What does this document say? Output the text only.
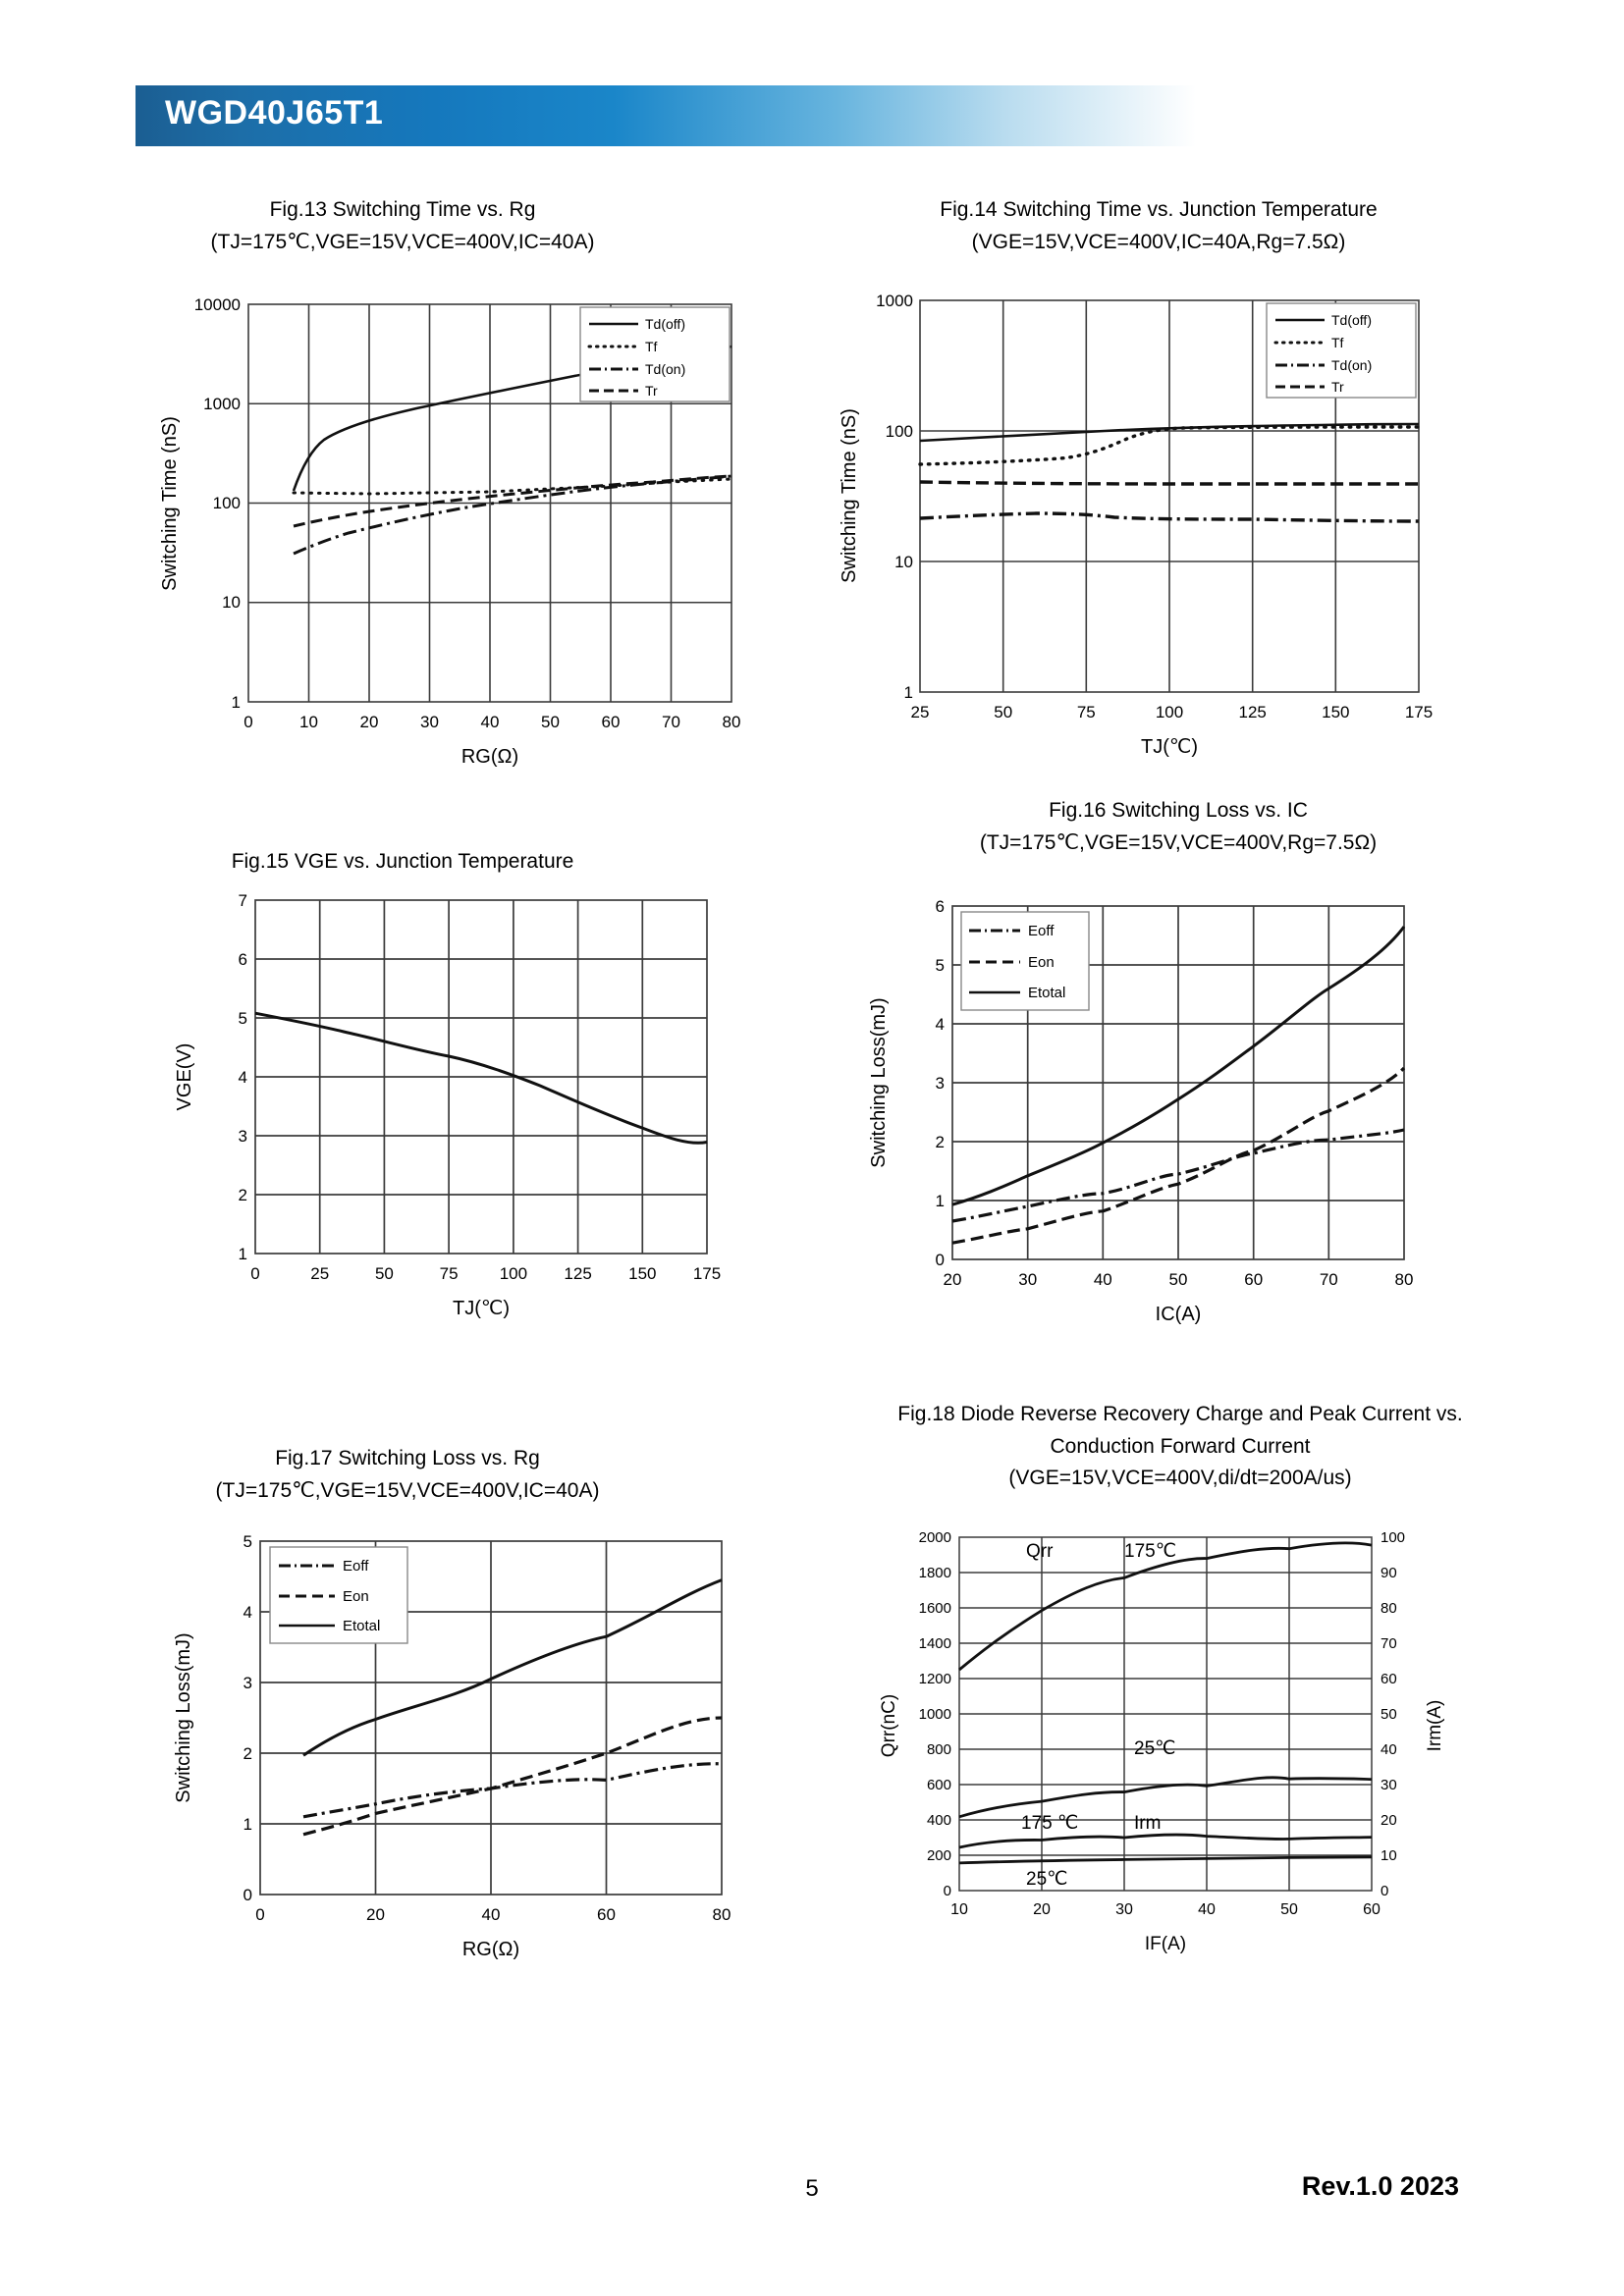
WGD40J65T1
Fig.13 Switching Time vs. Rg
(TJ=175℃,VGE=15V,VCE=400V,IC=40A)
10000
1000
100
10
1
0	10	20	30	40	50	60	70	80
RG(Ω)
Switching Time (nS)
Td(off)
Tf
Td(on)
Tr
Fig.14 Switching Time vs. Junction Temperature
(VGE=15V,VCE=400V,IC=40A,Rg=7.5Ω)
1000
100
10
1
25	50	75	100	125	150	175
TJ(℃)
Switching Time (nS)
Td(off)
Tf
Td(on)
Tr
Fig.15 VGE vs. Junction Temperature
7
6
5
4
3
2
1
0	25	50	75 100 125 150 175
TJ(℃)
VGE(V)
Fig.16 Switching Loss vs. IC
(TJ=175℃,VGE=15V,VCE=400V,Rg=7.5Ω)
6
5
4
3
2
1
0
20	30	40	50	60	70	80
IC(A)
Switching Loss(mJ)
Eoff
Eon
Etotal
Fig.17 Switching Loss vs. Rg
(TJ=175℃,VGE=15V,VCE=400V,IC=40A)
5
4
3
2
1
0
0	20	40	60	80
RG(Ω)
Switching Loss(mJ)
Eoff
Eon
Etotal
Fig.18 Diode Reverse Recovery Charge and Peak Current vs.
Conduction Forward Current
(VGE=15V,VCE=400V,di/dt=200A/us)
2000
1800
1600
1400
1200
1000
800
600
400
200
0
100
90
80
70
60
50
40
30
20
10
0
10	20	30	40	50	60
IF(A)
Qrr(nC)	Irm(A)
Qrr	175℃
25℃
175 ℃	Irm
25℃
5	Rev.1.0 2023
